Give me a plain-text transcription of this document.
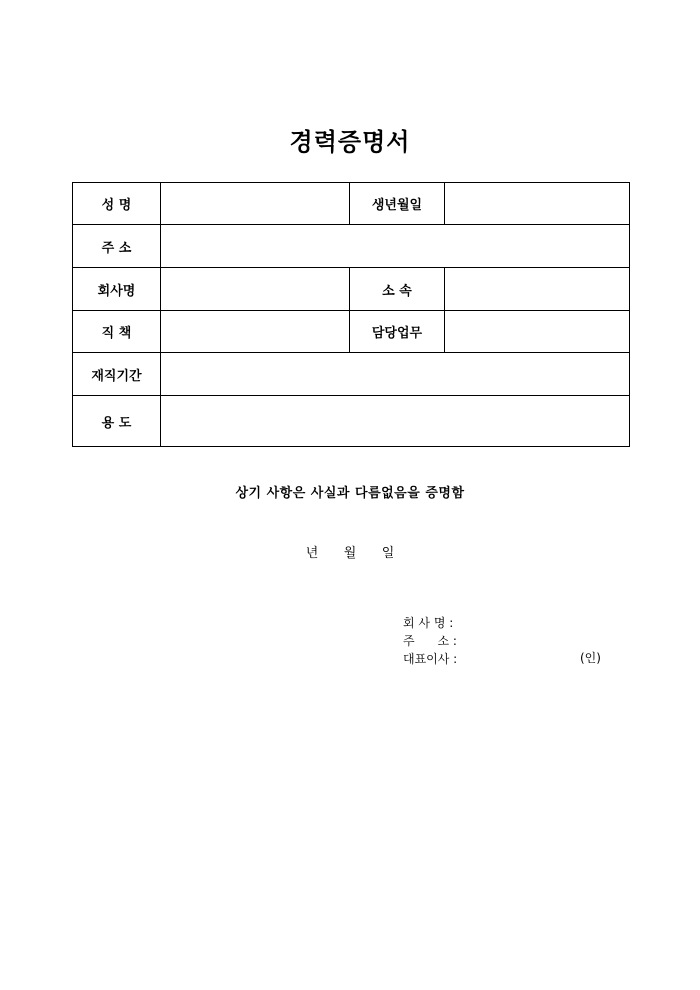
경력증명서
성 명		생년월일	
주 소			
회사명		소 속	
직 책		담당업무	
재직기간			
용 도			
상기 사항은 사실과 다름없음을 증명함
년 월 일
회 사 명 :
주      소 :
대표이사 :	(인)
